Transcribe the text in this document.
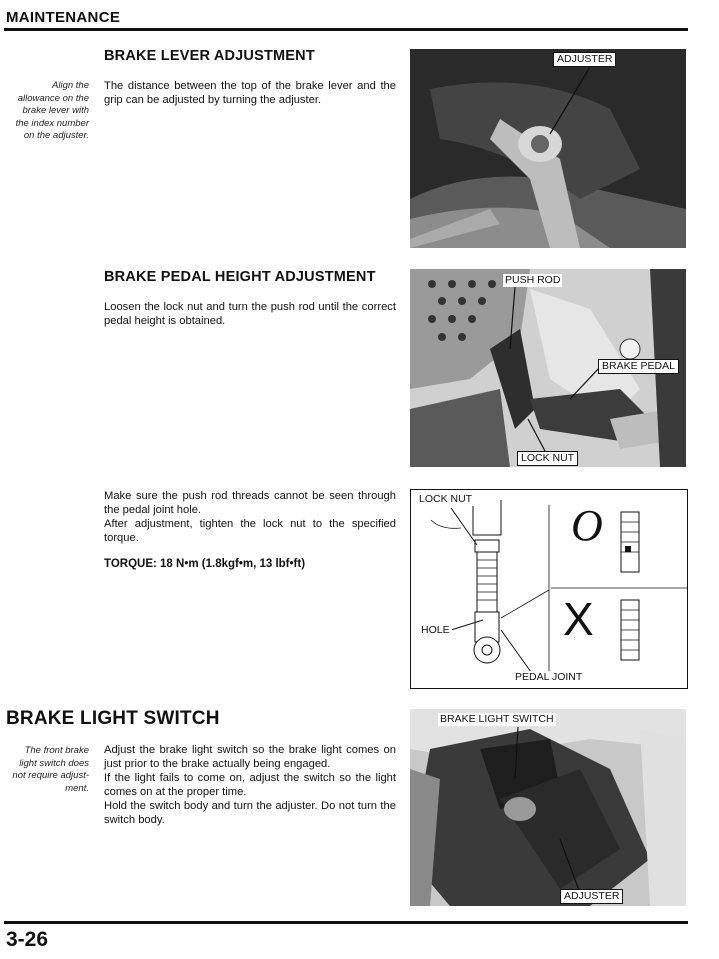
MAINTENANCE
BRAKE LEVER ADJUSTMENT
Align the
allowance on the
brake lever with
the index number
on the adjuster.
The distance between the top of the brake lever and the grip can be adjusted by turning the adjuster.
ADJUSTER
BRAKE PEDAL HEIGHT ADJUSTMENT
Loosen the lock nut and turn the push rod until the correct pedal height is obtained.
PUSH ROD
BRAKE PEDAL
LOCK NUT
Make sure the push rod threads cannot be seen through the pedal joint hole.
After adjustment, tighten the lock nut to the specified torque.
TORQUE: 18 N•m (1.8kgf•m, 13 lbf•ft)
LOCK NUT
HOLE
PEDAL JOINT
O
X
BRAKE LIGHT SWITCH
The front brake
light switch does
not require adjust-
ment.
Adjust the brake light switch so the brake light comes on just prior to the brake actually being engaged.
If the light fails to come on, adjust the switch so the light comes on at the proper time.
Hold the switch body and turn the adjuster. Do not turn the switch body.
BRAKE LIGHT SWITCH
ADJUSTER
3-26
